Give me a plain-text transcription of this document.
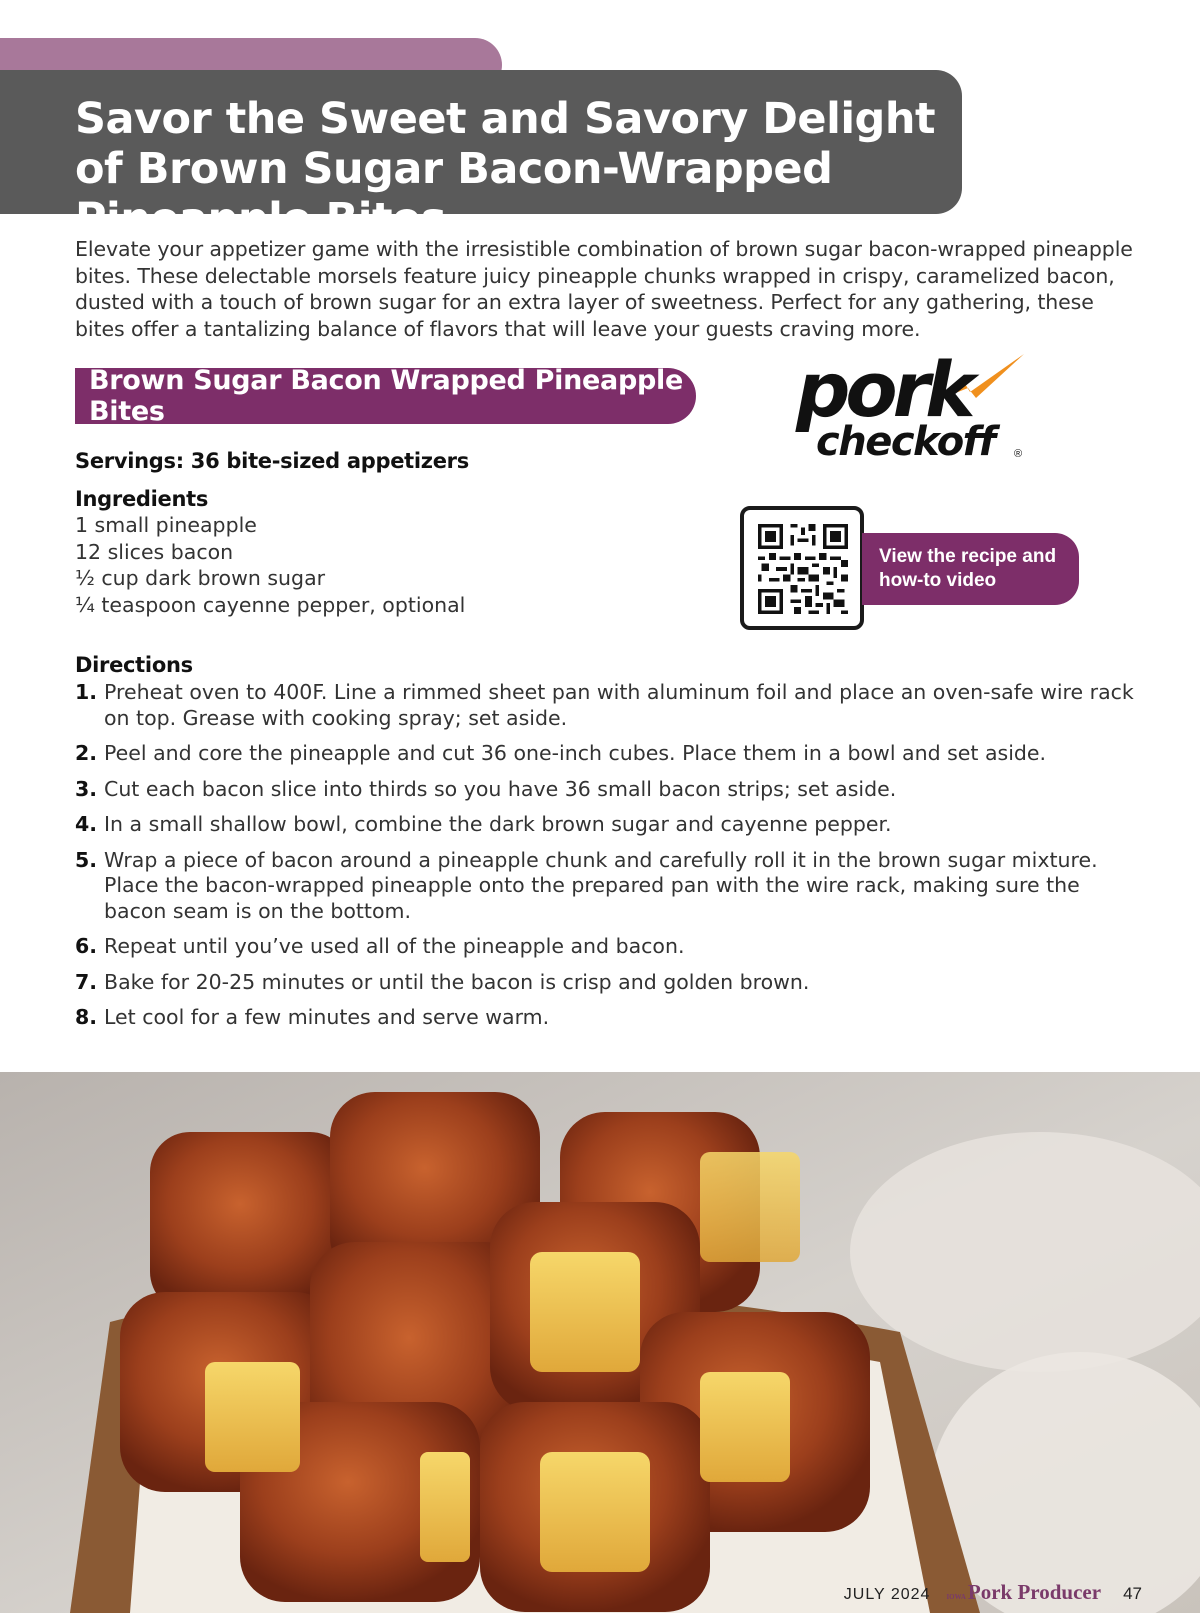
Savor the Sweet and Savory Delight of Brown Sugar Bacon-Wrapped Pineapple Bites

Elevate your appetizer game with the irresistible combination of brown sugar bacon-wrapped pineapple bites. These delectable morsels feature juicy pineapple chunks wrapped in crispy, caramelized bacon, dusted with a touch of brown sugar for an extra layer of sweetness. Perfect for any gathering, these bites offer a tantalizing balance of flavors that will leave your guests craving more.

Brown Sugar Bacon Wrapped Pineapple Bites	pork
checkoff ®
Servings: 36 bite-sized appetizers
Ingredients
1 small pineapple
12 slices bacon
½ cup dark brown sugar
¼ teaspoon cayenne pepper, optional
View the recipe and
how-to video
Directions
1. Preheat oven to 400F. Line a rimmed sheet pan with aluminum foil and place an oven-safe wire rack on top. Grease with cooking spray; set aside.
2. Peel and core the pineapple and cut 36 one-inch cubes. Place them in a bowl and set aside.
3. Cut each bacon slice into thirds so you have 36 small bacon strips; set aside.
4. In a small shallow bowl, combine the dark brown sugar and cayenne pepper.
5. Wrap a piece of bacon around a pineapple chunk and carefully roll it in the brown sugar mixture. Place the bacon-wrapped pineapple onto the prepared pan with the wire rack, making sure the bacon seam is on the bottom.
6. Repeat until you’ve used all of the pineapple and bacon.
7. Bake for 20-25 minutes or until the bacon is crisp and golden brown.
8. Let cool for a few minutes and serve warm.
JULY 2024 IOWAPork Producer 47
